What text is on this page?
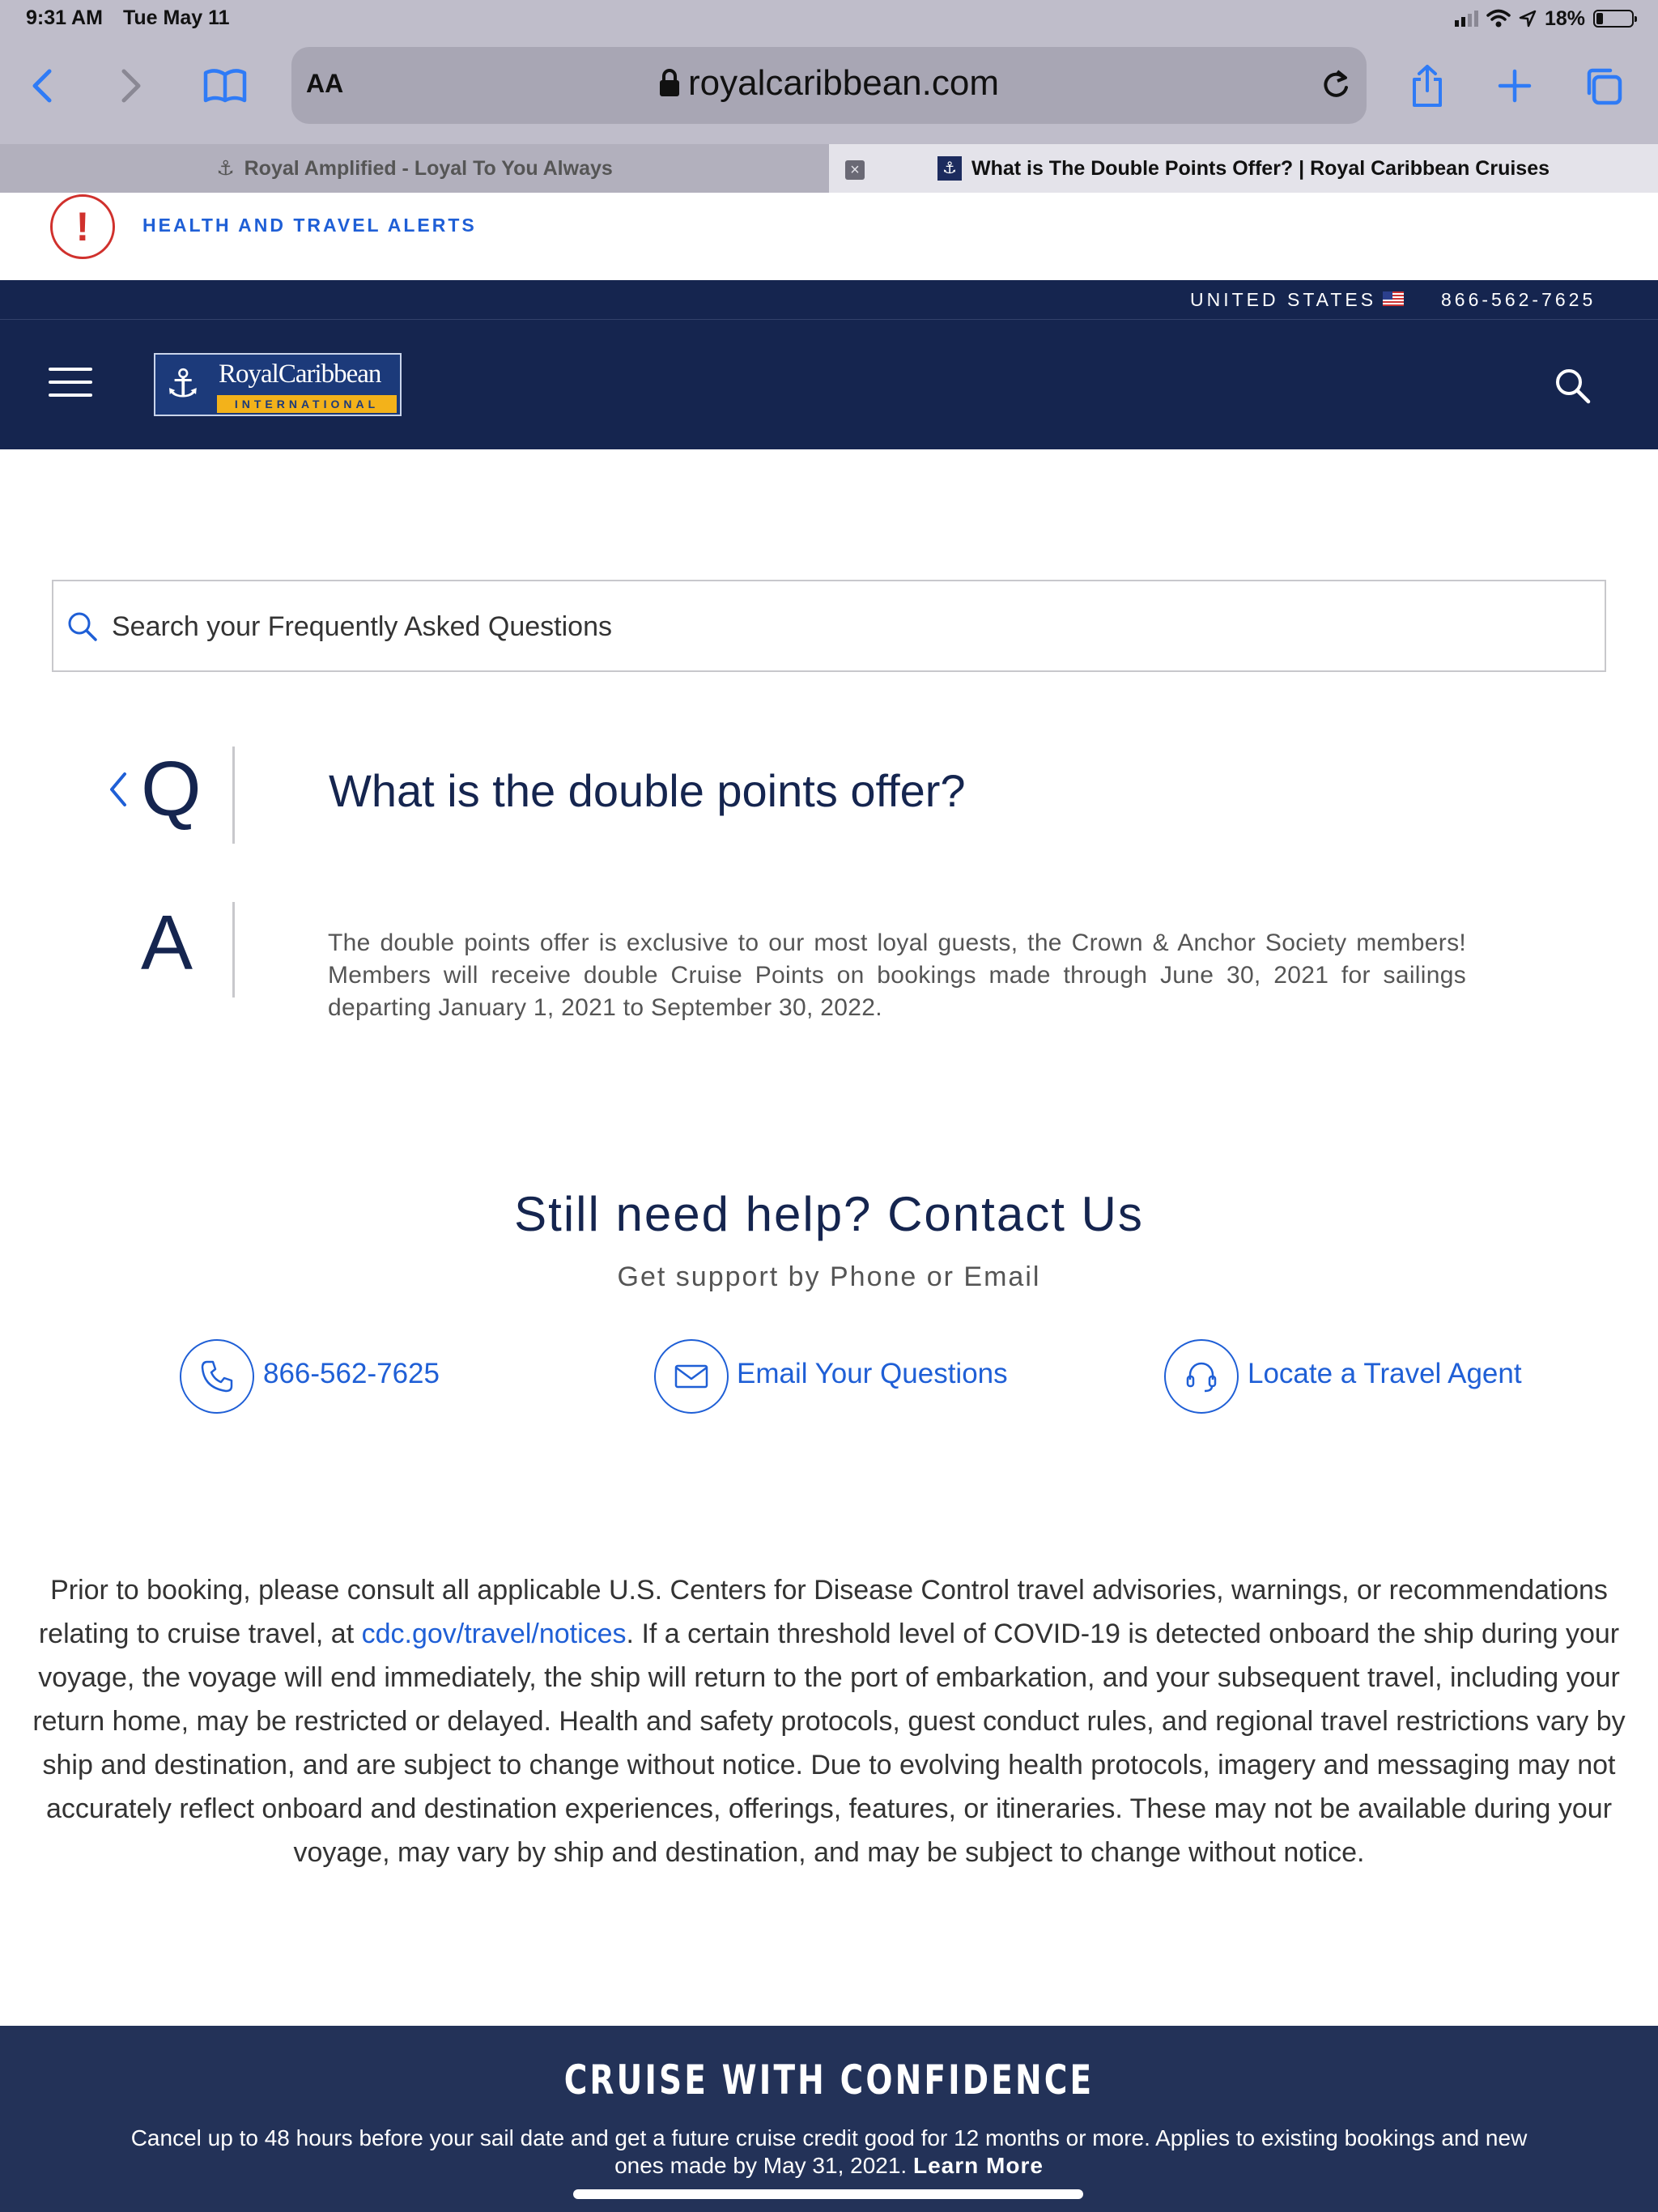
9:31 AM Tue May 11	18%
AA	royalcaribbean.com
⚓ Royal Amplified - Loyal To You Always	⚓ What is The Double Points Offer? | Royal Caribbean Cruises
×
!	HEALTH AND TRAVEL ALERTS
UNITED STATES	866-562-7625
⚓ RoyalCaribbean
INTERNATIONAL
Search your Frequently Asked Questions
Q	What is the double points offer?
A	The double points offer is exclusive to our most loyal guests, the Crown & Anchor Society members! Members will receive double Cruise Points on bookings made through June 30, 2021 for sailings departing January 1, 2021 to September 30, 2022.
Still need help? Contact Us
Get support by Phone or Email
866-562-7625	Email Your Questions	Locate a Travel Agent
Prior to booking, please consult all applicable U.S. Centers for Disease Control travel advisories, warnings, or recommendations relating to cruise travel, at cdc.gov/travel/notices. If a certain threshold level of COVID-19 is detected onboard the ship during your voyage, the voyage will end immediately, the ship will return to the port of embarkation, and your subsequent travel, including your return home, may be restricted or delayed. Health and safety protocols, guest conduct rules, and regional travel restrictions vary by ship and destination, and are subject to change without notice. Due to evolving health protocols, imagery and messaging may not accurately reflect onboard and destination experiences, offerings, features, or itineraries. These may not be available during your voyage, may vary by ship and destination, and may be subject to change without notice.
CRUISE WITH CONFIDENCE
Cancel up to 48 hours before your sail date and get a future cruise credit good for 12 months or more. Applies to existing bookings and new ones made by May 31, 2021. Learn More
